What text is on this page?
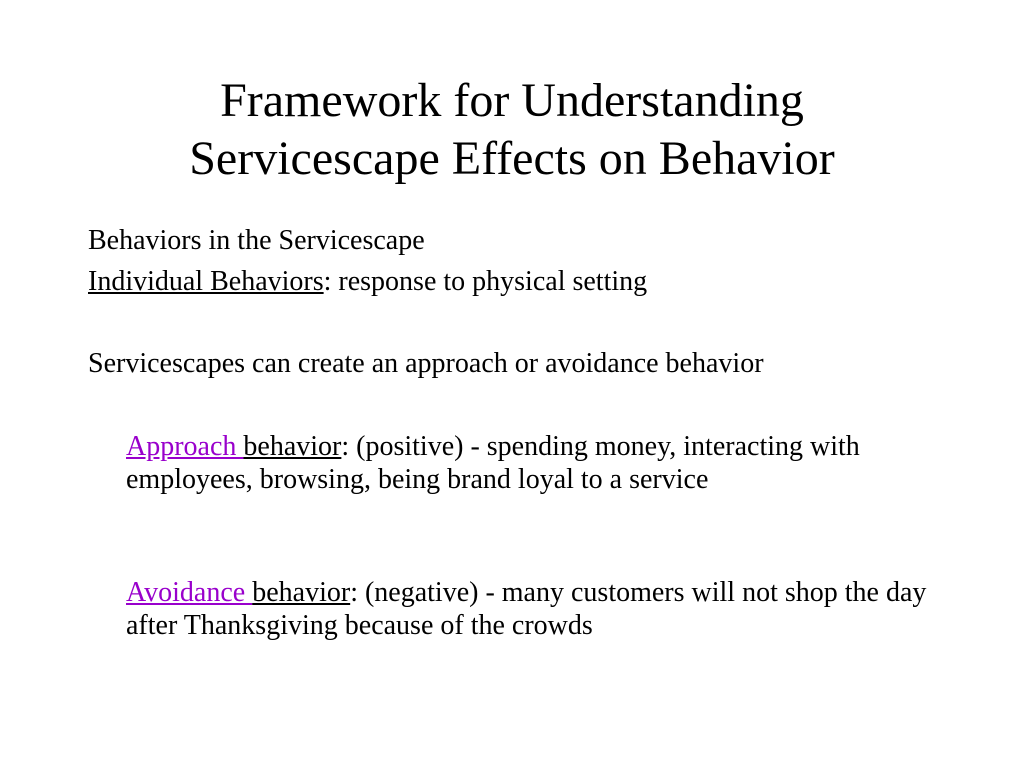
Framework for Understanding
Servicescape Effects on Behavior
Behaviors in the Servicescape
Individual Behaviors: response to physical setting
Servicescapes can create an approach or avoidance behavior
Approach behavior: (positive) - spending money, interacting with employees, browsing, being brand loyal to a service
Avoidance behavior: (negative) - many customers will not shop the day after Thanksgiving because of the crowds
